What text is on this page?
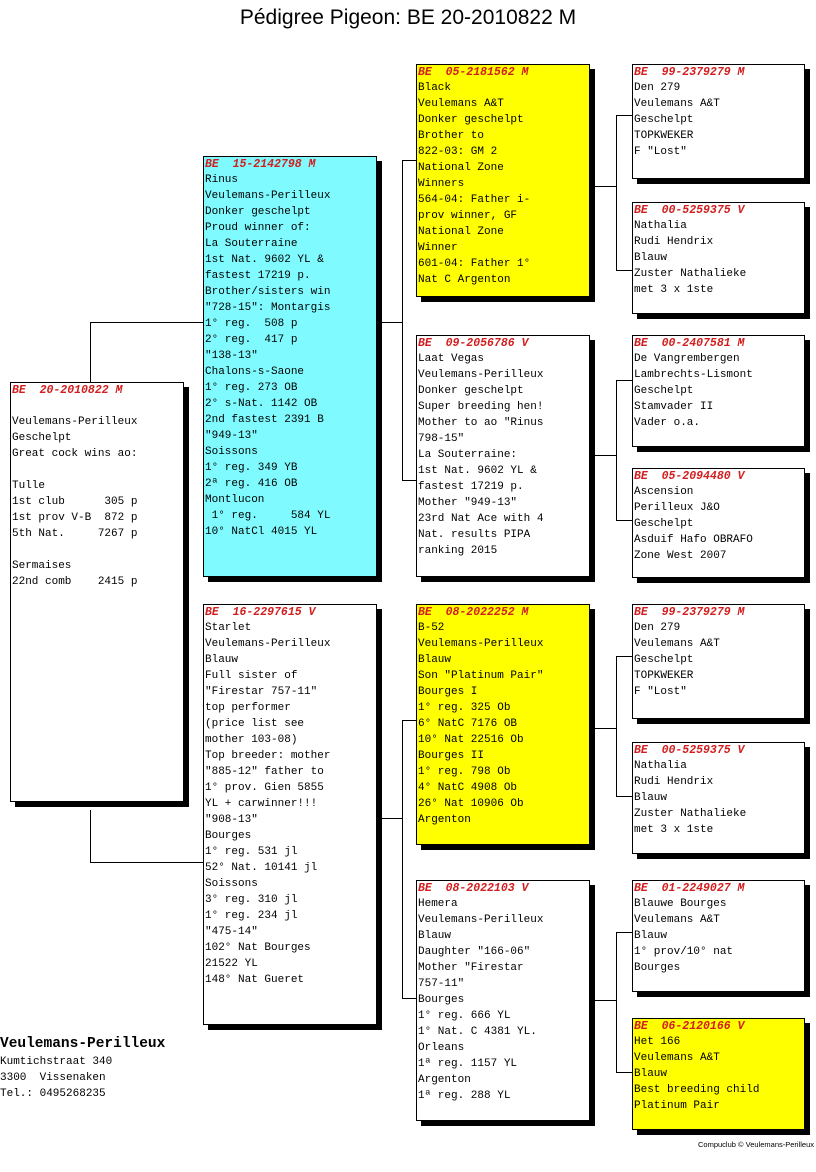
Pédigree Pigeon: BE 20-2010822 M
BE  20-2010822 M
Veulemans-Perilleux
Geschelpt
Great cock wins ao:
Tulle
1st club      305 p
1st prov V-B  872 p
5th Nat.     7267 p
Sermaises
22nd comb    2415 p
BE  15-2142798 M
Rinus
Veulemans-Perilleux
Donker geschelpt
Proud winner of:
La Souterraine
1st Nat. 9602 YL &
fastest 17219 p.
Brother/sisters win
"728-15": Montargis
1° reg.  508 p
2° reg.  417 p
"138-13"
Chalons-s-Saone
1° reg. 273 OB
2° s-Nat. 1142 OB
2nd fastest 2391 B
"949-13"
Soissons
1° reg. 349 YB
2ª reg. 416 OB
Montlucon
1° reg.     584 YL
10° NatCl 4015 YL
BE  16-2297615 V
Starlet
Veulemans-Perilleux
Blauw
Full sister of
"Firestar 757-11"
top performer
(price list see
mother 103-08)
Top breeder: mother
"885-12" father to
1° prov. Gien 5855
YL + carwinner!!!
"908-13"
Bourges
1° reg. 531 jl
52° Nat. 10141 jl
Soissons
3° reg. 310 jl
1° reg. 234 jl
"475-14"
102° Nat Bourges
21522 YL
148° Nat Gueret
BE  05-2181562 M
Black
Veulemans A&T
Donker geschelpt
Brother to
822-03: GM 2
National Zone
Winners
564-04: Father i-
prov winner, GF
National Zone
Winner
601-04: Father 1°
Nat C Argenton
BE  09-2056786 V
Laat Vegas
Veulemans-Perilleux
Donker geschelpt
Super breeding hen!
Mother to ao "Rinus
798-15"
La Souterraine:
1st Nat. 9602 YL &
fastest 17219 p.
Mother "949-13"
23rd Nat Ace with 4
Nat. results PIPA
ranking 2015
BE  08-2022252 M
B-52
Veulemans-Perilleux
Blauw
Son "Platinum Pair"
Bourges I
1° reg. 325 Ob
6° NatC 7176 OB
10° Nat 22516 Ob
Bourges II
1° reg. 798 Ob
4° NatC 4908 Ob
26° Nat 10906 Ob
Argenton
BE  08-2022103 V
Hemera
Veulemans-Perilleux
Blauw
Daughter "166-06"
Mother "Firestar
757-11"
Bourges
1° reg. 666 YL
1° Nat. C 4381 YL.
Orleans
1ª reg. 1157 YL
Argenton
1ª reg. 288 YL
BE  99-2379279 M
Den 279
Veulemans A&T
Geschelpt
TOPKWEKER
F "Lost"
BE  00-5259375 V
Nathalia
Rudi Hendrix
Blauw
Zuster Nathalieke
met 3 x 1ste
BE  00-2407581 M
De Vangrembergen
Lambrechts-Lismont
Geschelpt
Stamvader II
Vader o.a.
BE  05-2094480 V
Ascension
Perilleux J&O
Geschelpt
Asduif Hafo OBRAFO
Zone West 2007
BE  99-2379279 M
Den 279
Veulemans A&T
Geschelpt
TOPKWEKER
F "Lost"
BE  00-5259375 V
Nathalia
Rudi Hendrix
Blauw
Zuster Nathalieke
met 3 x 1ste
BE  01-2249027 M
Blauwe Bourges
Veulemans A&T
Blauw
1° prov/10° nat
Bourges
BE  06-2120166 V
Het 166
Veulemans A&T
Blauw
Best breeding child
Platinum Pair
Veulemans-Perilleux
Kumtichstraat 340
3300  Vissenaken
Tel.: 0495268235
Compuclub © Veulemans-Perilleux
